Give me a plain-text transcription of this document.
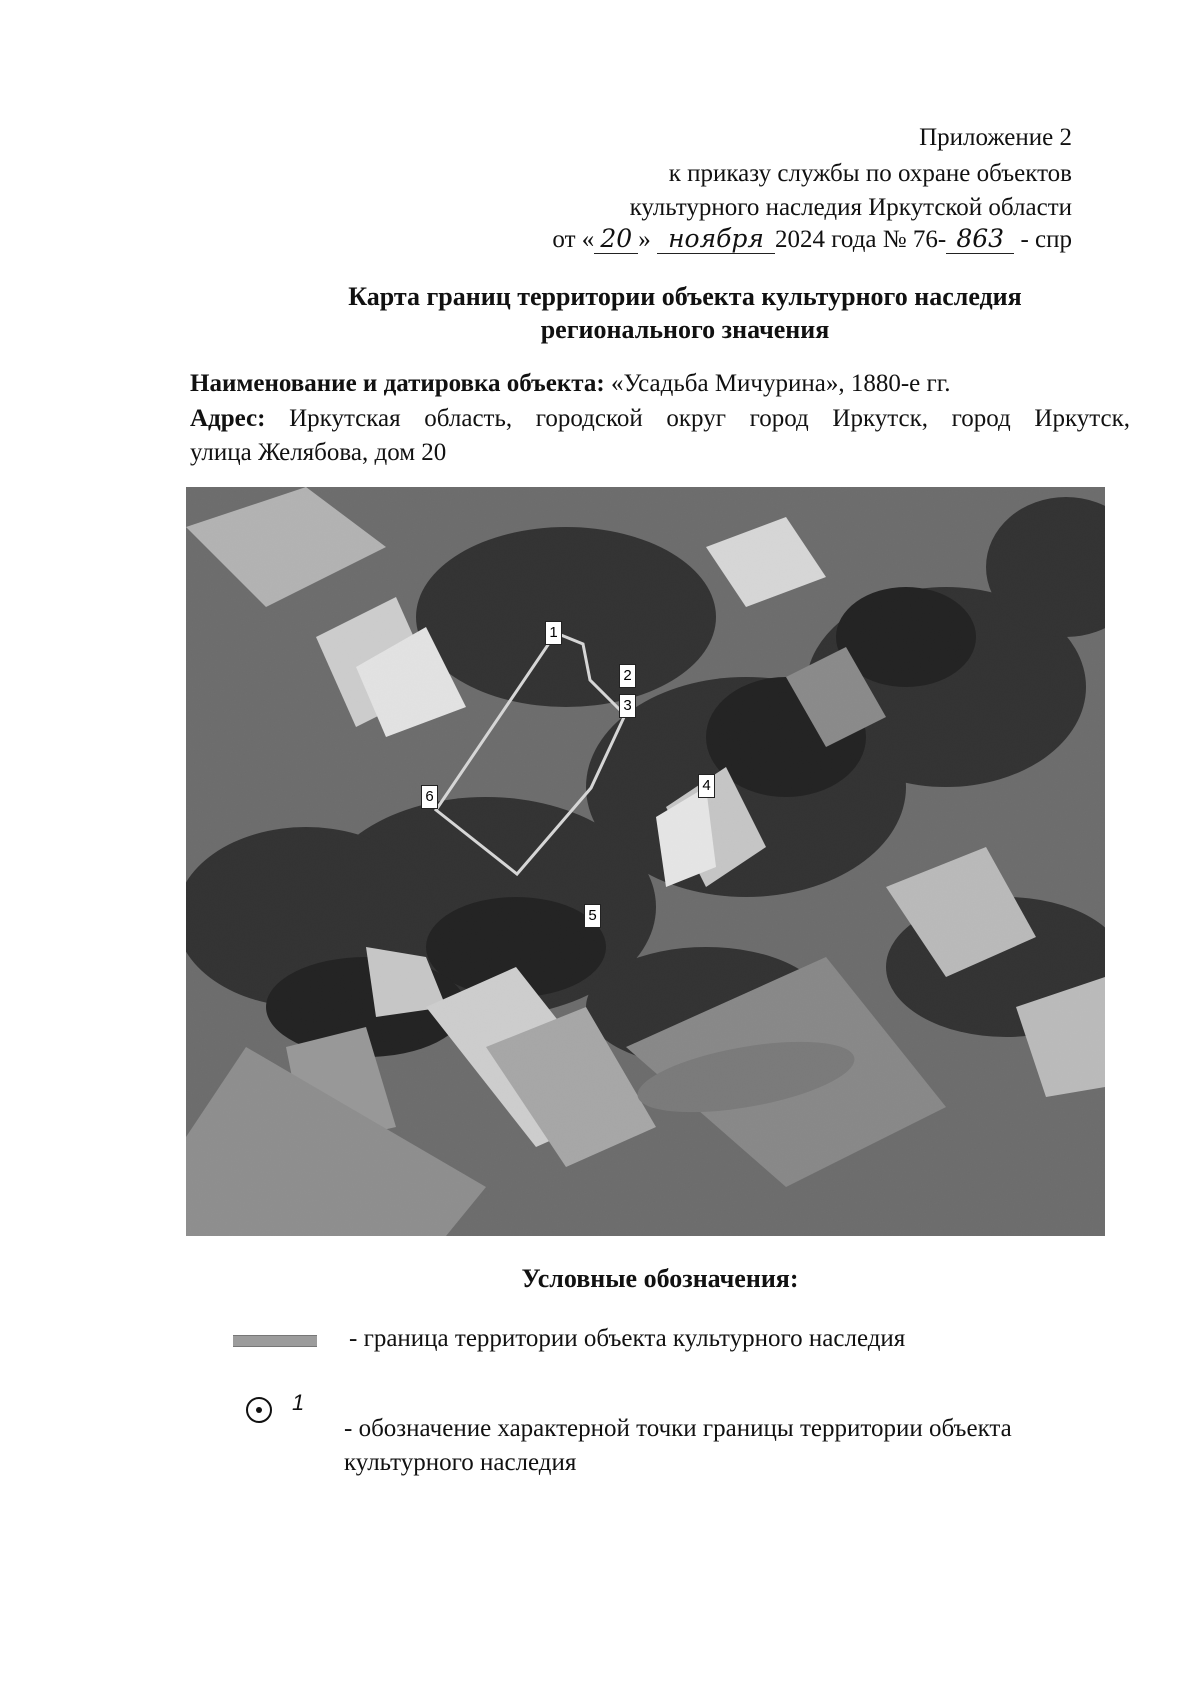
Приложение 2
к приказу службы по охране объектов
культурного наследия Иркутской области
от « 20 » ноября 2024 года № 76- 863 - спр
Карта границ территории объекта культурного наследия
регионального значения
Наименование и датировка объекта: «Усадьба Мичурина», 1880-е гг.
Адрес: Иркутская область, городской округ город Иркутск, город Иркутск,
улица Желябова, дом 20
1
2
3
4
5
6
Условные обозначения:
- граница территории объекта культурного наследия
1
- обозначение характерной точки границы территории объекта
культурного наследия
